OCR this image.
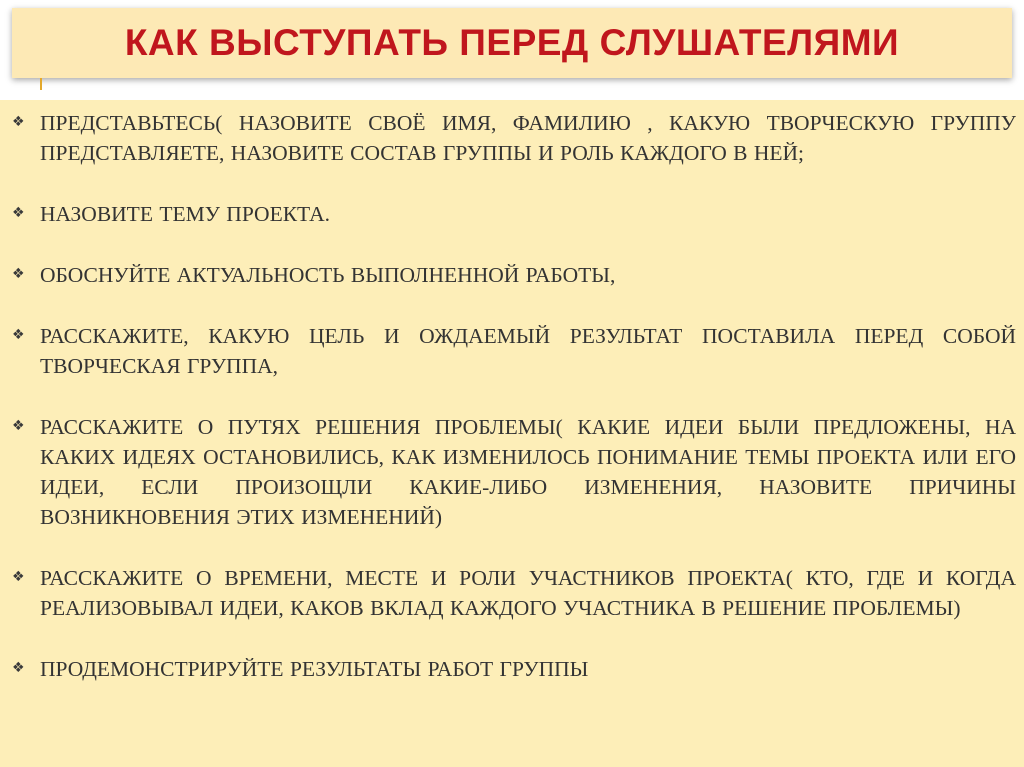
КАК ВЫСТУПАТЬ ПЕРЕД СЛУШАТЕЛЯМИ
❖ ПРЕДСТАВЬТЕСЬ( НАЗОВИТЕ СВОЁ ИМЯ, ФАМИЛИЮ , КАКУЮ ТВОРЧЕСКУЮ ГРУППУ ПРЕДСТАВЛЯЕТЕ, НАЗОВИТЕ СОСТАВ ГРУППЫ И РОЛЬ КАЖДОГО В НЕЙ;
❖ НАЗОВИТЕ ТЕМУ ПРОЕКТА.
❖ ОБОСНУЙТЕ АКТУАЛЬНОСТЬ ВЫПОЛНЕННОЙ РАБОТЫ,
❖ РАССКАЖИТЕ, КАКУЮ ЦЕЛЬ И ОЖДАЕМЫЙ РЕЗУЛЬТАТ ПОСТАВИЛА ПЕРЕД СОБОЙ ТВОРЧЕСКАЯ ГРУППА,
❖ РАССКАЖИТЕ О ПУТЯХ РЕШЕНИЯ ПРОБЛЕМЫ( КАКИЕ ИДЕИ БЫЛИ ПРЕДЛОЖЕНЫ, НА КАКИХ ИДЕЯХ ОСТАНОВИЛИСЬ, КАК ИЗМЕНИЛОСЬ ПОНИМАНИЕ ТЕМЫ ПРОЕКТА ИЛИ ЕГО ИДЕИ, ЕСЛИ ПРОИЗОЩЛИ КАКИЕ-ЛИБО ИЗМЕНЕНИЯ, НАЗОВИТЕ ПРИЧИНЫ ВОЗНИКНОВЕНИЯ ЭТИХ ИЗМЕНЕНИЙ)
❖ РАССКАЖИТЕ О ВРЕМЕНИ, МЕСТЕ И РОЛИ УЧАСТНИКОВ ПРОЕКТА( КТО, ГДЕ И КОГДА РЕАЛИЗОВЫВАЛ ИДЕИ, КАКОВ ВКЛАД КАЖДОГО УЧАСТНИКА В РЕШЕНИЕ ПРОБЛЕМЫ)
❖ ПРОДЕМОНСТРИРУЙТЕ РЕЗУЛЬТАТЫ РАБОТ ГРУППЫ
